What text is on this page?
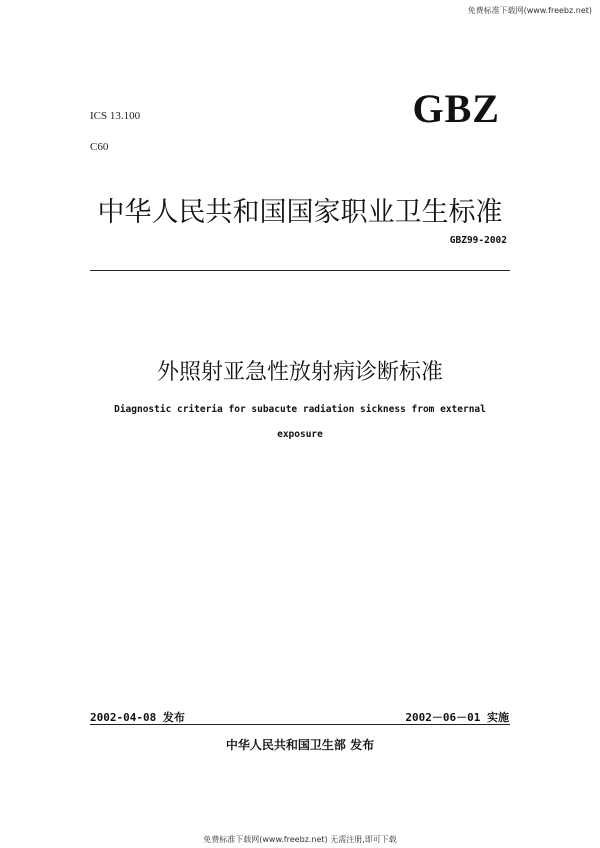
免费标准下载网(www.freebz.net)
ICS 13.100
C60
GBZ
中华人民共和国国家职业卫生标准
GBZ99-2002
外照射亚急性放射病诊断标准
Diagnostic criteria for subacute radiation sickness from external
exposure
2002-04-08 发布	2002－06－01 实施
中华人民共和国卫生部 发布
免费标准下载网(www.freebz.net) 无需注册,即可下载
